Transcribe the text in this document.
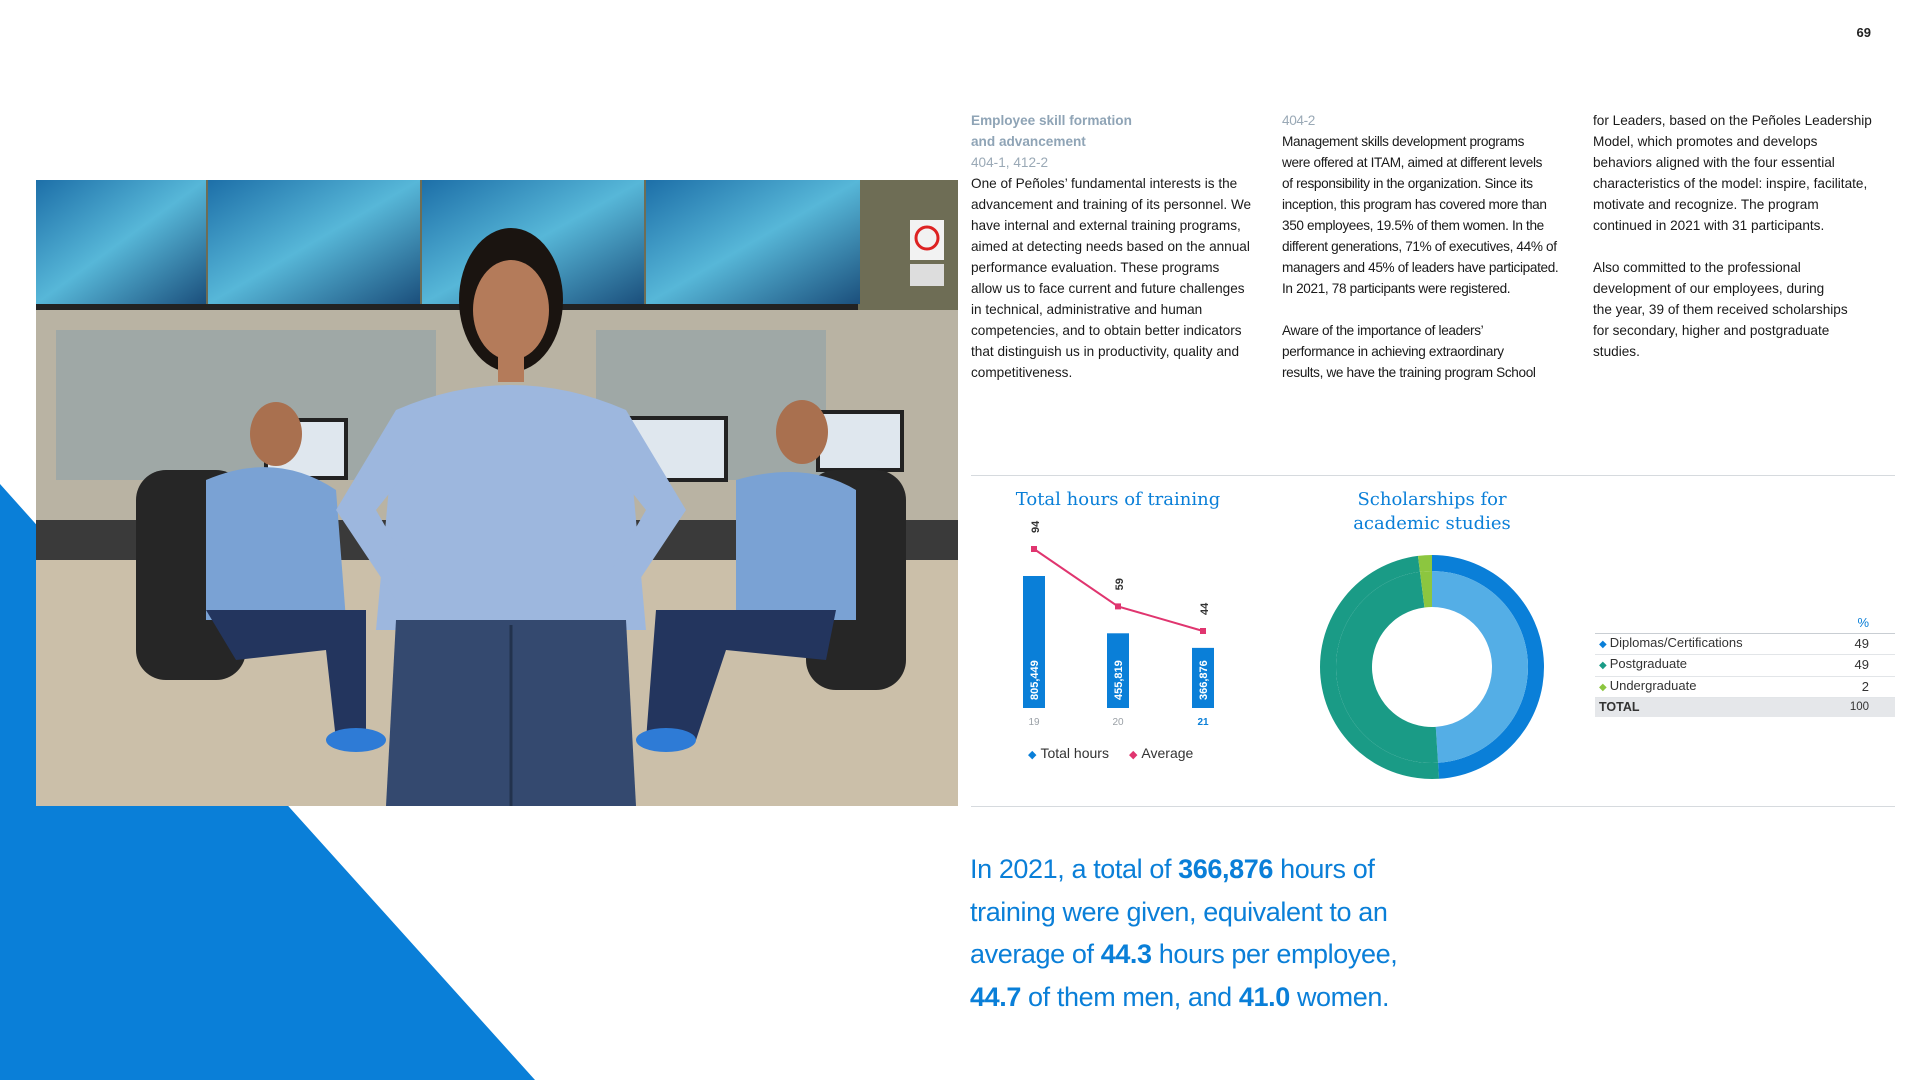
69

Employee skill formation

and advancement

404-1, 412-2

One of Peñoles’ fundamental interests is the

advancement and training of its personnel. We

have internal and external training programs,

aimed at detecting needs based on the annual

performance evaluation. These programs

allow us to face current and future challenges

in technical, administrative and human

competencies, and to obtain better indicators

that distinguish us in productivity, quality and

competitiveness.

404-2

Management skills development programs

were offered at ITAM, aimed at different levels

of responsibility in the organization. Since its

inception, this program has covered more than

350 employees, 19.5% of them women. In the

different generations, 71% of executives, 44% of

managers and 45% of leaders have participated.

In 2021, 78 participants were registered.

Aware of the importance of leaders’

performance in achieving extraordinary

results, we have the training program School

for Leaders, based on the Peñoles Leadership

Model, which promotes and develops

behaviors aligned with the four essential

characteristics of the model: inspire, facilitate,

motivate and recognize. The program

continued in 2021 with 31 participants.

Also committed to the professional

development of our employees, during

the year, 39 of them received scholarships

for secondary, higher and postgraduate

studies.

Total hours of training
805,449
19
455,819
20
366,876
21
94
59
44
◆ Total hours ◆ Average
Scholarships for
academic studies
	%
◆ Diplomas/Certifications	49
◆ Postgraduate	49
◆ Undergraduate	2
TOTAL	100
In 2021, a total of 366,876 hours of
training were given, equivalent to an
average of 44.3 hours per employee,
44.7 of them men, and 41.0 women.
